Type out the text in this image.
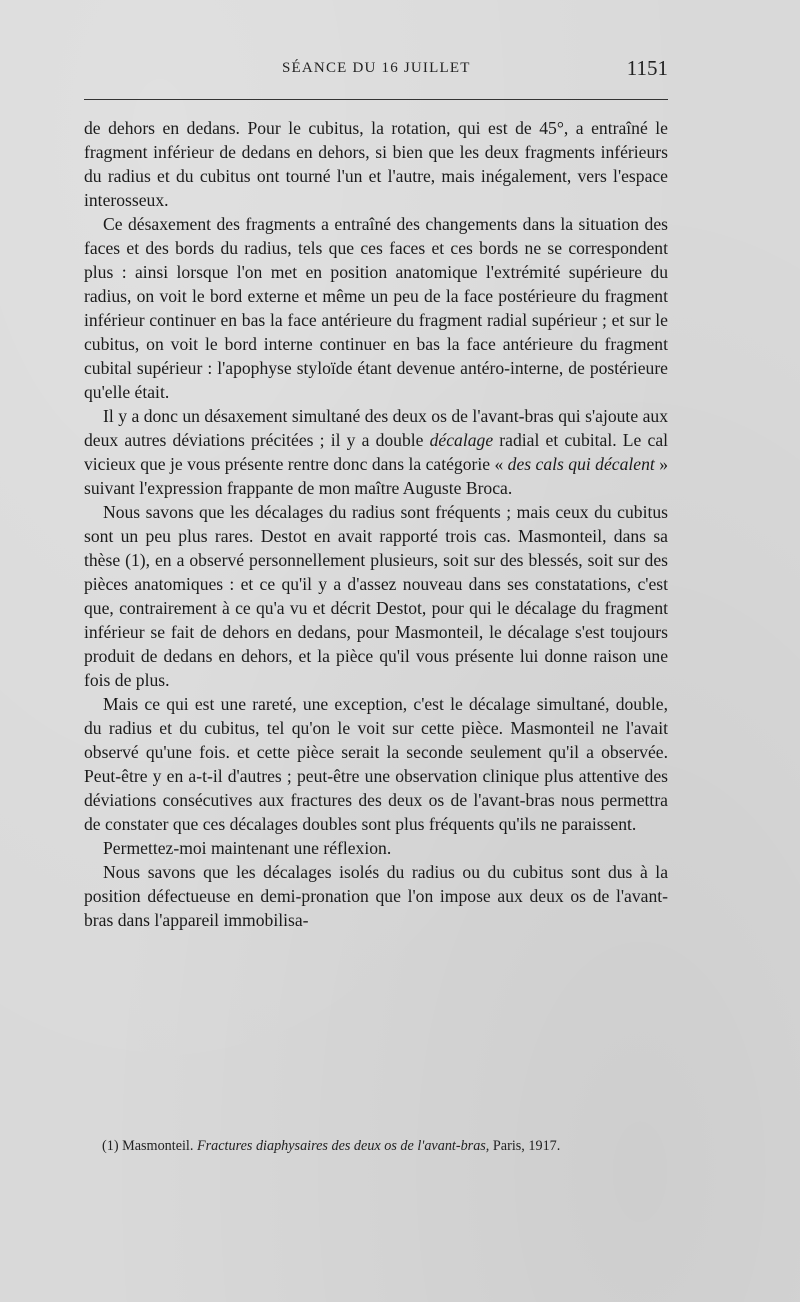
SÉANCE DU 16 JUILLET	1151

de dehors en dedans. Pour le cubitus, la rotation, qui est de 45°, a entraîné le fragment inférieur de dedans en dehors, si bien que les deux fragments inférieurs du radius et du cubitus ont tourné l'un et l'autre, mais inégalement, vers l'espace interosseux.

Ce désaxement des fragments a entraîné des changements dans la situation des faces et des bords du radius, tels que ces faces et ces bords ne se correspondent plus : ainsi lorsque l'on met en position anatomique l'extrémité supérieure du radius, on voit le bord externe et même un peu de la face postérieure du fragment inférieur continuer en bas la face antérieure du fragment radial supérieur ; et sur le cubitus, on voit le bord interne continuer en bas la face antérieure du fragment cubital supérieur : l'apophyse styloïde étant devenue antéro-interne, de postérieure qu'elle était.

Il y a donc un désaxement simultané des deux os de l'avant-bras qui s'ajoute aux deux autres déviations précitées ; il y a double décalage radial et cubital. Le cal vicieux que je vous présente rentre donc dans la catégorie « des cals qui décalent » suivant l'expression frappante de mon maître Auguste Broca.

Nous savons que les décalages du radius sont fréquents ; mais ceux du cubitus sont un peu plus rares. Destot en avait rapporté trois cas. Masmonteil, dans sa thèse (1), en a observé personnellement plusieurs, soit sur des blessés, soit sur des pièces anatomiques : et ce qu'il y a d'assez nouveau dans ses constatations, c'est que, contrairement à ce qu'a vu et décrit Destot, pour qui le décalage du fragment inférieur se fait de dehors en dedans, pour Masmonteil, le décalage s'est toujours produit de dedans en dehors, et la pièce qu'il vous présente lui donne raison une fois de plus.

Mais ce qui est une rareté, une exception, c'est le décalage simultané, double, du radius et du cubitus, tel qu'on le voit sur cette pièce. Masmonteil ne l'avait observé qu'une fois. et cette pièce serait la seconde seulement qu'il a observée. Peut-être y en a-t-il d'autres ; peut-être une observation clinique plus attentive des déviations consécutives aux fractures des deux os de l'avant-bras nous permettra de constater que ces décalages doubles sont plus fréquents qu'ils ne paraissent.

Permettez-moi maintenant une réflexion.

Nous savons que les décalages isolés du radius ou du cubitus sont dus à la position défectueuse en demi-pronation que l'on impose aux deux os de l'avant-bras dans l'appareil immobilisa-

(1) Masmonteil. Fractures diaphysaires des deux os de l'avant-bras, Paris, 1917.
